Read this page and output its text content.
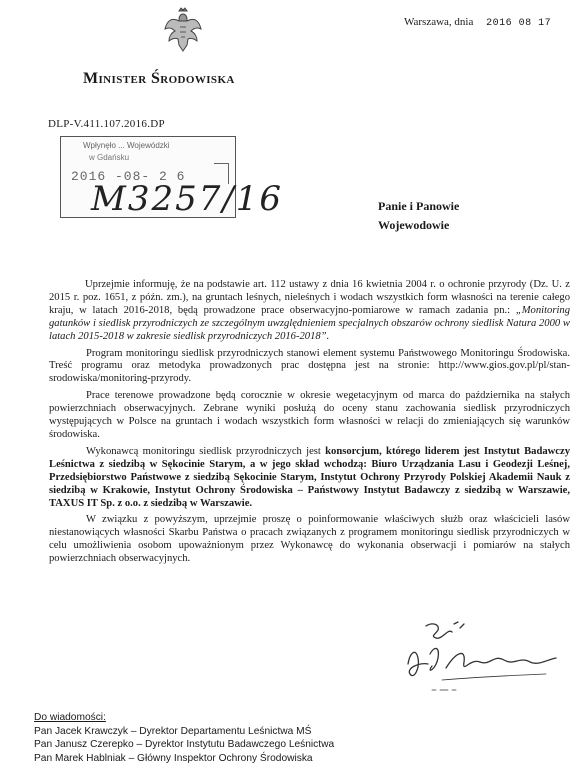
Warszawa, dnia 2016 08 17
Minister Środowiska
DLP-V.411.107.2016.DP
Wpłynęło ... Wojewódzki
w Gdańsku
2016 -08- 2 6
M3257/16	Panie i Panowie
Wojewodowie

Uprzejmie informuję, że na podstawie art. 112 ustawy z dnia 16 kwietnia 2004 r. o ochronie przyrody (Dz. U. z 2015 r. poz. 1651, z późn. zm.), na gruntach leśnych, nieleśnych i wodach wszystkich form własności na terenie całego kraju, w latach 2016-2018, będą prowadzone prace obserwacyjno-pomiarowe w ramach zadania pn.: „Monitoring gatunków i siedlisk przyrodniczych ze szczególnym uwzględnieniem specjalnych obszarów ochrony siedlisk Natura 2000 w latach 2015-2018 w zakresie siedlisk przyrodniczych 2016-2018”.

Program monitoringu siedlisk przyrodniczych stanowi element systemu Państwowego Monitoringu Środowiska. Treść programu oraz metodyka prowadzonych prac dostępna jest na stronie: http://www.gios.gov.pl/pl/stan-srodowiska/monitoring-przyrody.

Prace terenowe prowadzone będą corocznie w okresie wegetacyjnym od marca do października na stałych powierzchniach obserwacyjnych. Zebrane wyniki posłużą do oceny stanu zachowania siedlisk przyrodniczych występujących w Polsce na gruntach i wodach wszystkich form własności w relacji do zmieniających się warunków środowiska.

Wykonawcą monitoringu siedlisk przyrodniczych jest konsorcjum, którego liderem jest Instytut Badawczy Leśnictwa z siedzibą w Sękocinie Starym, a w jego skład wchodzą: Biuro Urządzania Lasu i Geodezji Leśnej, Przedsiębiorstwo Państwowe z siedzibą Sękocinie Starym, Instytut Ochrony Przyrody Polskiej Akademii Nauk z siedzibą w Krakowie, Instytut Ochrony Środowiska – Państwowy Instytut Badawczy z siedzibą w Warszawie, TAXUS IT Sp. z o.o. z siedzibą w Warszawie.

W związku z powyższym, uprzejmie proszę o poinformowanie właściwych służb oraz właścicieli lasów niestanowiących własności Skarbu Państwa o pracach związanych z programem monitoringu siedlisk przyrodniczych w celu umożliwienia osobom upoważnionym przez Wykonawcę do wykonania obserwacji i pomiarów na stałych powierzchniach obserwacyjnych.

Do wiadomości:
Pan Jacek Krawczyk – Dyrektor Departamentu Leśnictwa MŚ
Pan Janusz Czerepko – Dyrektor Instytutu Badawczego Leśnictwa
Pan Marek Hablniak – Główny Inspektor Ochrony Środowiska
